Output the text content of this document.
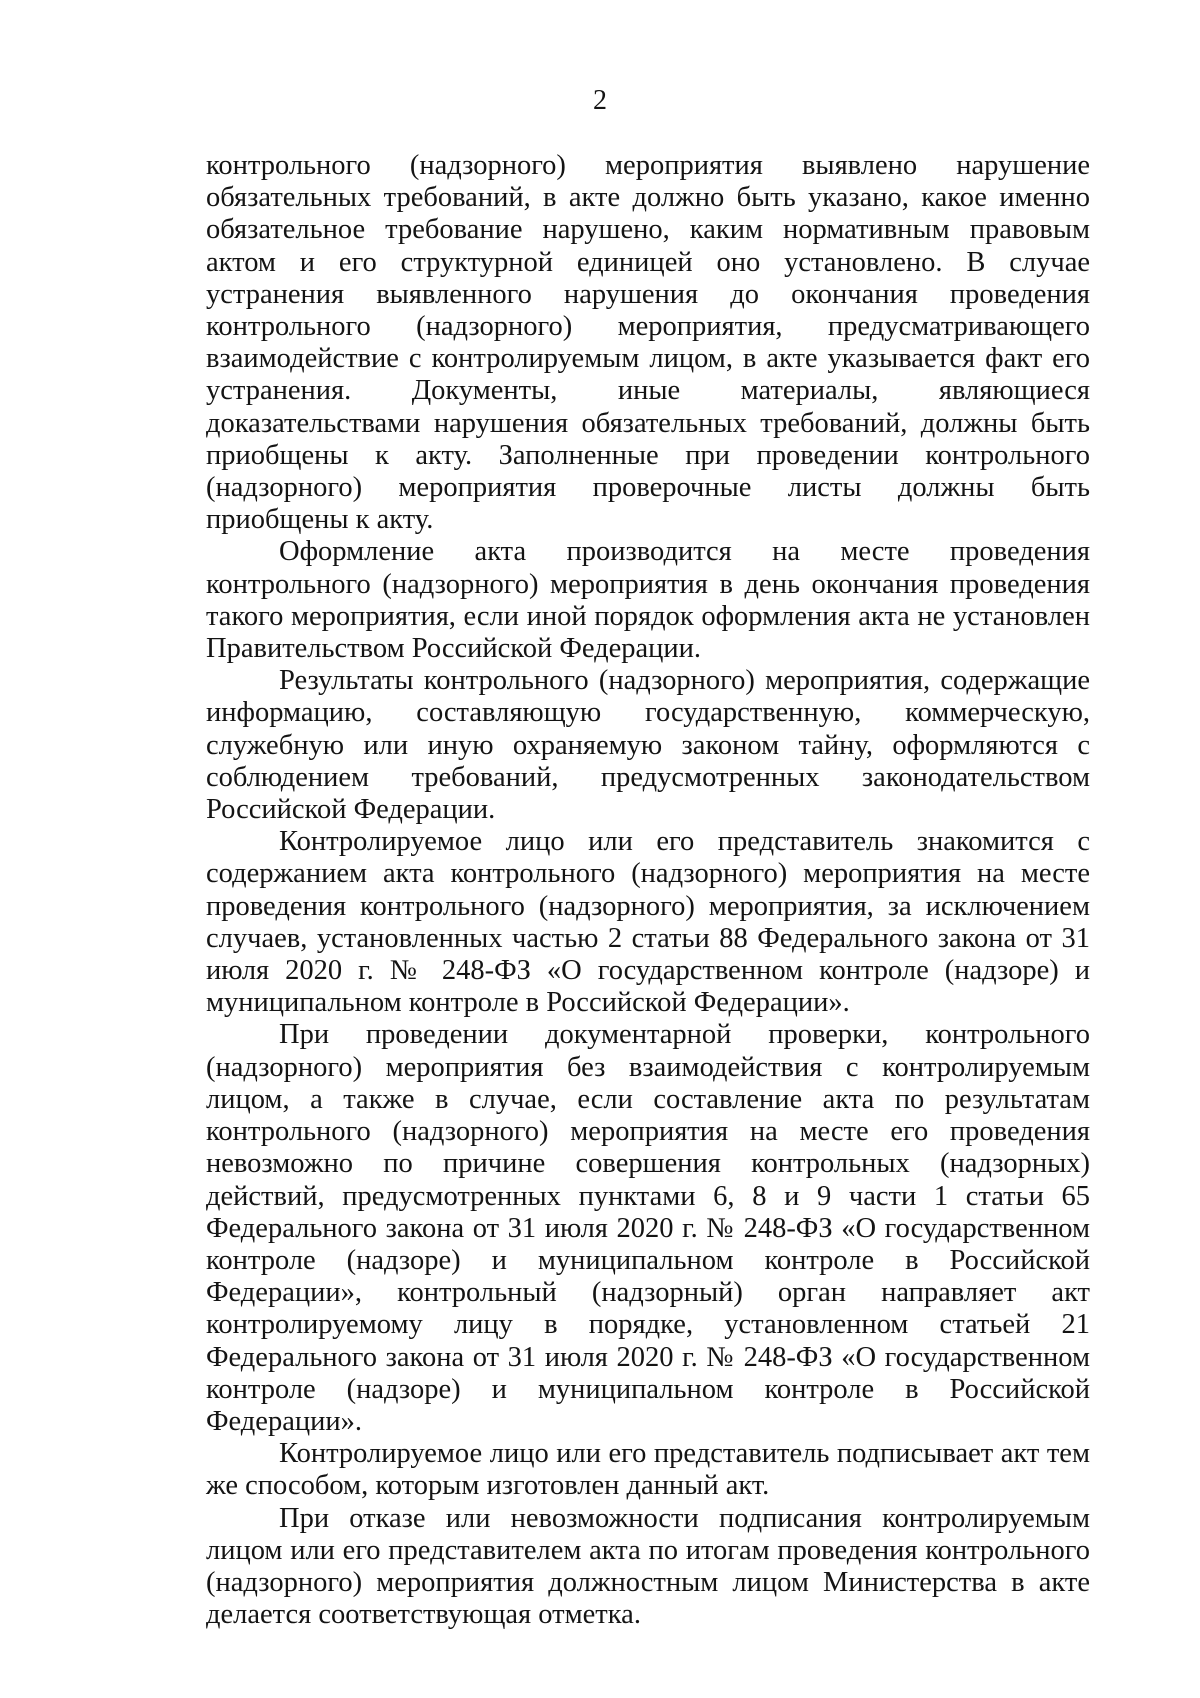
2

контрольного (надзорного) мероприятия выявлено нарушение обязательных требований, в акте должно быть указано, какое именно обязательное требование нарушено, каким нормативным правовым актом и его структурной единицей оно установлено. В случае устранения выявленного нарушения до окончания проведения контрольного (надзорного) мероприятия, предусматривающего взаимодействие с контролируемым лицом, в акте указывается факт его устранения. Документы, иные материалы, являющиеся доказательствами нарушения обязательных требований, должны быть приобщены к акту. Заполненные при проведении контрольного (надзорного) мероприятия проверочные листы должны быть приобщены к акту.

Оформление акта производится на месте проведения контрольного (надзорного) мероприятия в день окончания проведения такого мероприятия, если иной порядок оформления акта не установлен Правительством Российской Федерации.

Результаты контрольного (надзорного) мероприятия, содержащие информацию, составляющую государственную, коммерческую, служебную или иную охраняемую законом тайну, оформляются с соблюдением требований, предусмотренных законодательством Российской Федерации.

Контролируемое лицо или его представитель знакомится с содержанием акта контрольного (надзорного) мероприятия на месте проведения контрольного (надзорного) мероприятия, за исключением случаев, установленных частью 2 статьи 88 Федерального закона от 31 июля 2020 г. № 248-ФЗ «О государственном контроле (надзоре) и муниципальном контроле в Российской Федерации».

При проведении документарной проверки, контрольного (надзорного) мероприятия без взаимодействия с контролируемым лицом, а также в случае, если составление акта по результатам контрольного (надзорного) мероприятия на месте его проведения невозможно по причине совершения контрольных (надзорных) действий, предусмотренных пунктами 6, 8 и 9 части 1 статьи 65 Федерального закона от 31 июля 2020 г. № 248-ФЗ «О государственном контроле (надзоре) и муниципальном контроле в Российской Федерации», контрольный (надзорный) орган направляет акт контролируемому лицу в порядке, установленном статьей 21 Федерального закона от 31 июля 2020 г. № 248-ФЗ «О государственном контроле (надзоре) и муниципальном контроле в Российской Федерации».

Контролируемое лицо или его представитель подписывает акт тем же способом, которым изготовлен данный акт.

При отказе или невозможности подписания контролируемым лицом или его представителем акта по итогам проведения контрольного (надзорного) мероприятия должностным лицом Министерства в акте делается соответствующая отметка.
